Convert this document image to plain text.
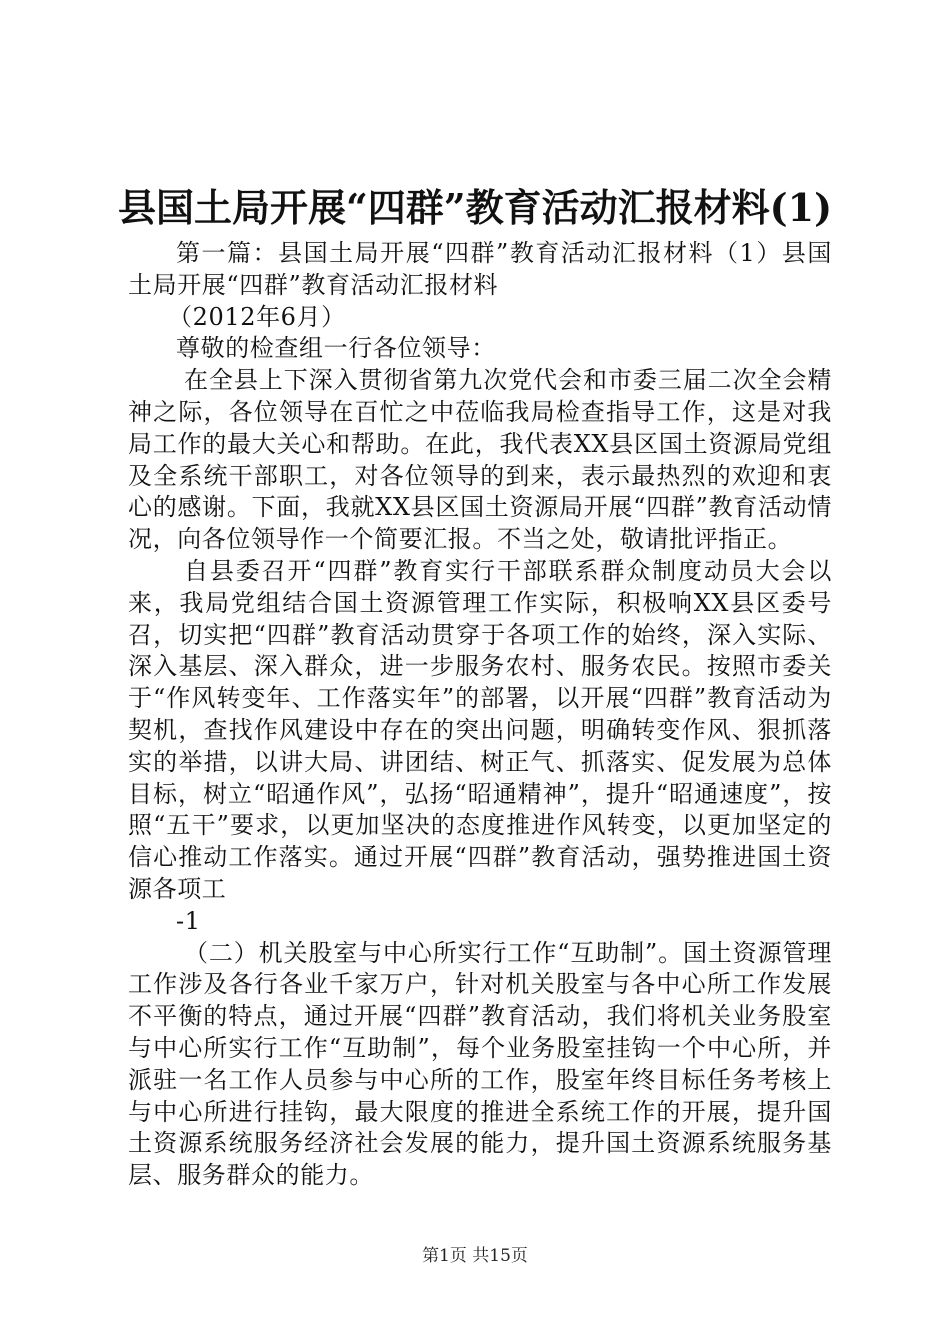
县国土局开展“四群”教育活动汇报材料(1)

第一篇：县国土局开展“四群”教育活动汇报材料（1）县国土局开展“四群”教育活动汇报材料

（2012年6月）

尊敬的检查组一行各位领导：

在全县上下深入贯彻省第九次党代会和市委三届二次全会精神之际，各位领导在百忙之中莅临我局检查指导工作，这是对我局工作的最大关心和帮助。在此，我代表XX县区国土资源局党组及全系统干部职工，对各位领导的到来，表示最热烈的欢迎和衷心的感谢。下面，我就XX县区国土资源局开展“四群”教育活动情况，向各位领导作一个简要汇报。不当之处，敬请批评指正。

自县委召开“四群”教育实行干部联系群众制度动员大会以来，我局党组结合国土资源管理工作实际，积极响XX县区委号召，切实把“四群”教育活动贯穿于各项工作的始终，深入实际、深入基层、深入群众，进一步服务农村、服务农民。按照市委关于“作风转变年、工作落实年”的部署，以开展“四群”教育活动为契机，查找作风建设中存在的突出问题，明确转变作风、狠抓落实的举措，以讲大局、讲团结、树正气、抓落实、促发展为总体目标，树立“昭通作风”，弘扬“昭通精神”，提升“昭通速度”，按照“五干”要求，以更加坚决的态度推进作风转变，以更加坚定的信心推动工作落实。通过开展“四群”教育活动，强势推进国土资源各项工

-1

（二）机关股室与中心所实行工作“互助制”。国土资源管理工作涉及各行各业千家万户，针对机关股室与各中心所工作发展不平衡的特点，通过开展“四群”教育活动，我们将机关业务股室与中心所实行工作“互助制”，每个业务股室挂钩一个中心所，并派驻一名工作人员参与中心所的工作，股室年终目标任务考核上与中心所进行挂钩，最大限度的推进全系统工作的开展，提升国土资源系统服务经济社会发展的能力，提升国土资源系统服务基层、服务群众的能力。

第1页 共15页
